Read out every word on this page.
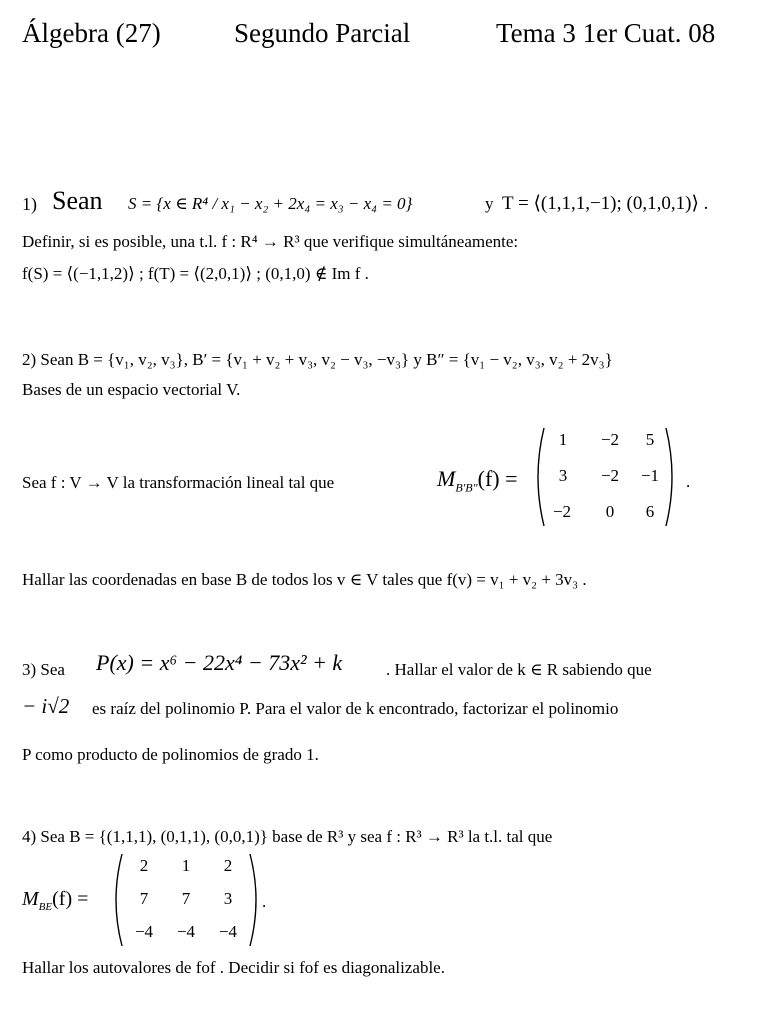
Álgebra (27)	Segundo Parcial	Tema 3 1er Cuat. 08
1) Sean S = {x ∈ R⁴ / x₁ − x₂ + 2x₄ = x₃ − x₄ = 0}	y T = ⟨(1,1,1,−1); (0,1,0,1)⟩ .
Definir, si es posible, una t.l. f : R⁴ → R³ que verifique simultáneamente:
f(S) = ⟨(−1,1,2)⟩ ; f(T) = ⟨(2,0,1)⟩ ; (0,1,0) ∉ Im f .
2) Sean B = {v₁, v₂, v₃}, B′ = {v₁ + v₂ + v₃, v₂ − v₃, −v₃} y B″ = {v₁ − v₂, v₃, v₂ + 2v₃}
Bases de un espacio vectorial V.
Sea f : V → V la transformación lineal tal que	$M_{B'B''}(f)$ =
1	−2	5
3	−2	−1
−2	0	6
.
Hallar las coordenadas en base B de todos los v ∈ V tales que f(v) = v₁ + v₂ + 3v₃ .
3) Sea P(x) = x⁶ − 22x⁴ − 73x² + k	. Hallar el valor de k ∈ R sabiendo que
− i√2 es raíz del polinomio P. Para el valor de k encontrado, factorizar el polinomio
P como producto de polinomios de grado 1.
4) Sea B = {(1,1,1), (0,1,1), (0,0,1)} base de R³ y sea f : R³ → R³ la t.l. tal que
$M_{BE}(f)$ =
2	1	2
7	7	3
−4	−4	−4
.
Hallar los autovalores de fof . Decidir si fof es diagonalizable.
